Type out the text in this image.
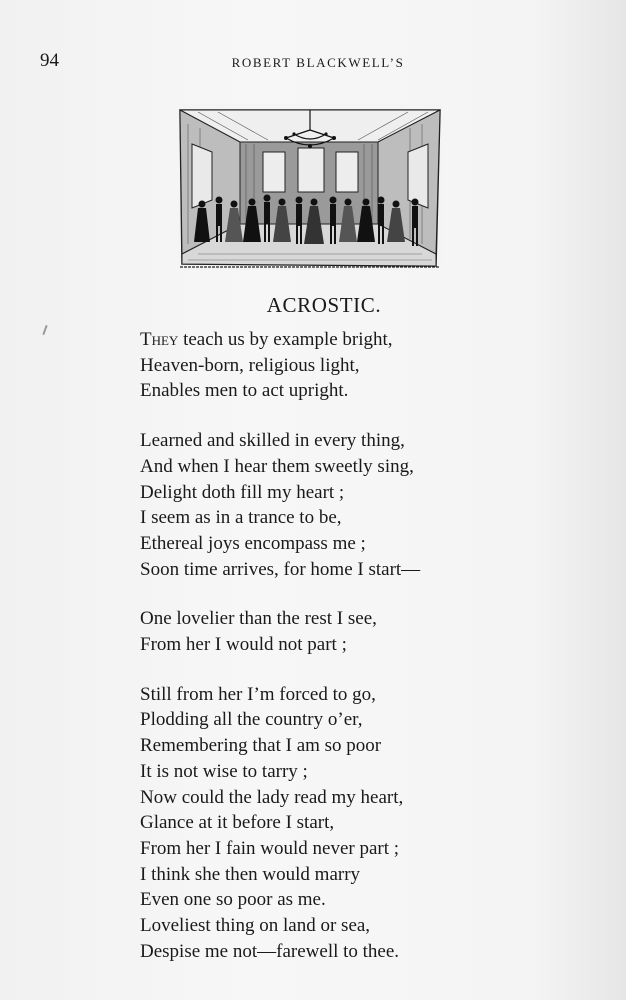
94	ROBERT BLACKWELL’S
ACROSTIC.
They teach us by example bright,
Heaven-born, religious light,
Enables men to act upright.
Learned and skilled in every thing,
And when I hear them sweetly sing,
Delight doth fill my heart ;
I seem as in a trance to be,
Ethereal joys encompass me ;
Soon time arrives, for home I start—
One lovelier than the rest I see,
From her I would not part ;
Still from her I’m forced to go,
Plodding all the country o’er,
Remembering that I am so poor
It is not wise to tarry ;
Now could the lady read my heart,
Glance at it before I start,
From her I fain would never part ;
I think she then would marry
Even one so poor as me.
Loveliest thing on land or sea,
Despise me not—farewell to thee.
